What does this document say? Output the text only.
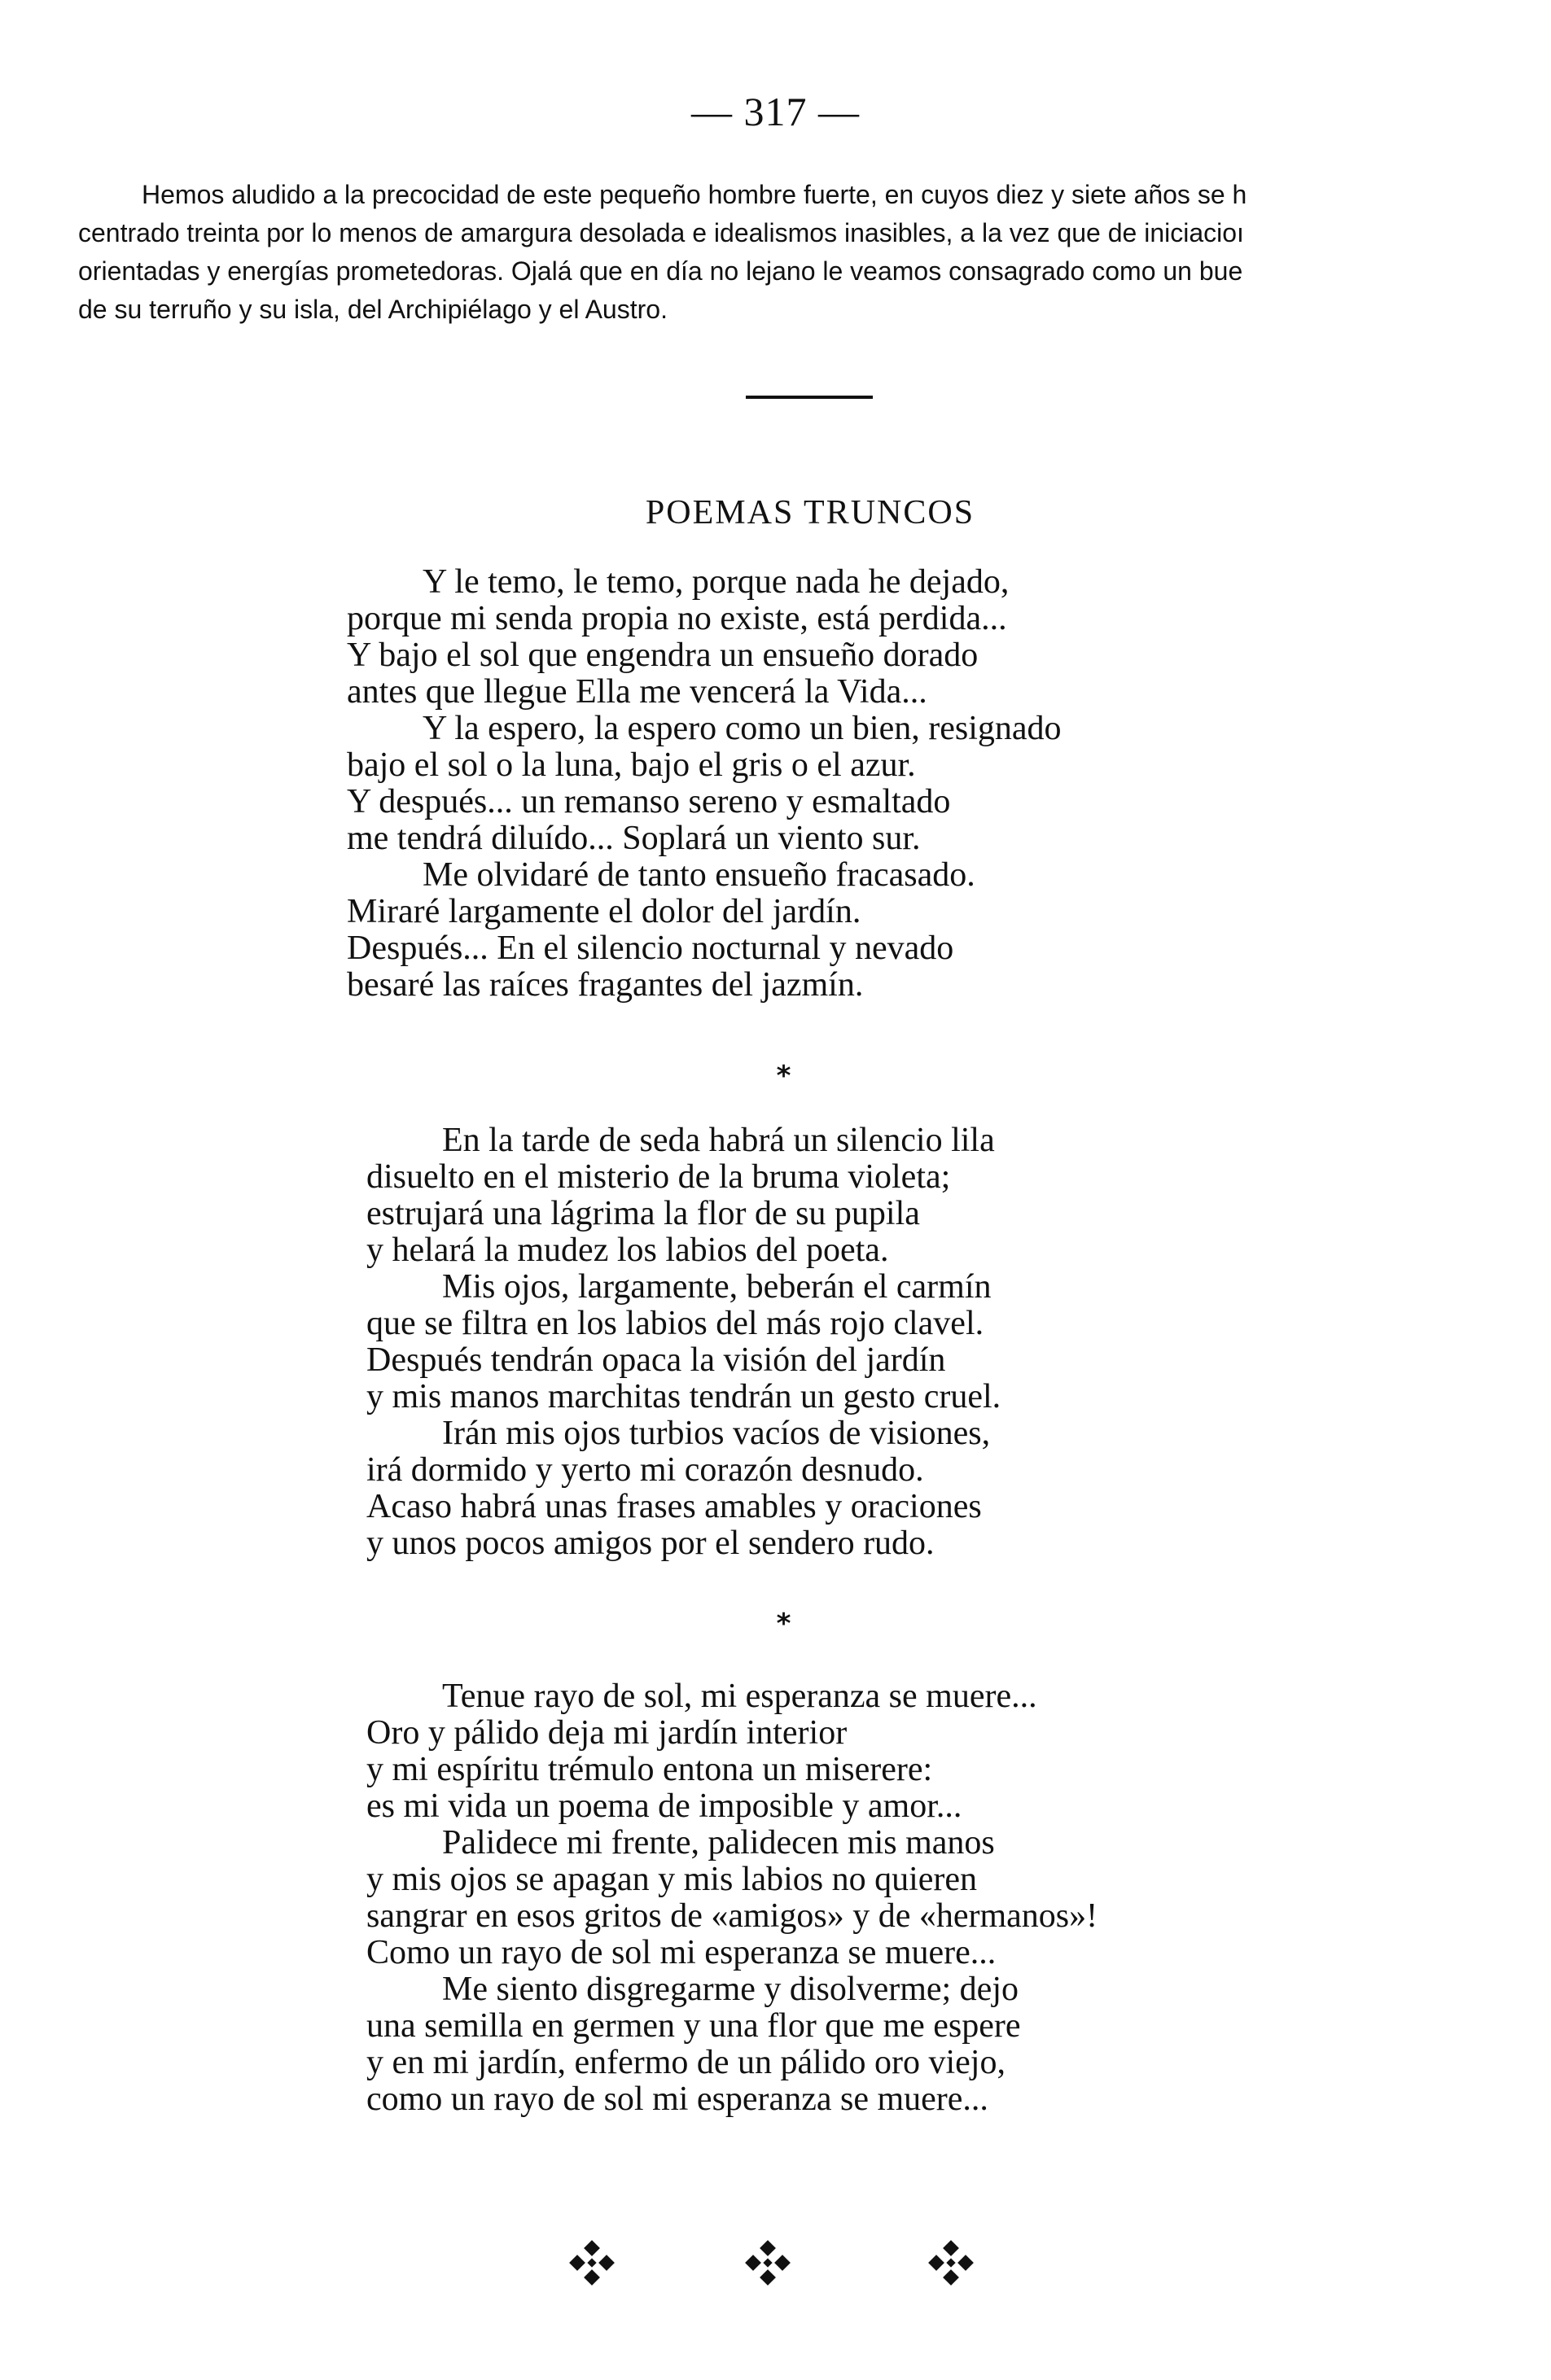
— 317 —
Hemos aludido a la precocidad de este pequeño hombre fuerte, en cuyos diez y siete años se h
centrado treinta por lo menos de amargura desolada e idealismos inasibles, a la vez que de iniciacioı
orientadas y energías prometedoras. Ojalá que en día no lejano le veamos consagrado como un bue
de su terruño y su isla, del Archipiélago y el Austro.
POEMAS TRUNCOS
Y le temo, le temo, porque nada he dejado,
porque mi senda propia no existe, está perdida...
Y bajo el sol que engendra un ensueño dorado
antes que llegue Ella me vencerá la Vida...
Y la espero, la espero como un bien, resignado
bajo el sol o la luna, bajo el gris o el azur.
Y después... un remanso sereno y esmaltado
me tendrá diluído... Soplará un viento sur.
Me olvidaré de tanto ensueño fracasado.
Miraré largamente el dolor del jardín.
Después... En el silencio nocturnal y nevado
besaré las raíces fragantes del jazmín.
*
En la tarde de seda habrá un silencio lila
disuelto en el misterio de la bruma violeta;
estrujará una lágrima la flor de su pupila
y helará la mudez los labios del poeta.
Mis ojos, largamente, beberán el carmín
que se filtra en los labios del más rojo clavel.
Después tendrán opaca la visión del jardín
y mis manos marchitas tendrán un gesto cruel.
Irán mis ojos turbios vacíos de visiones,
irá dormido y yerto mi corazón desnudo.
Acaso habrá unas frases amables y oraciones
y unos pocos amigos por el sendero rudo.
*
Tenue rayo de sol, mi esperanza se muere...
Oro y pálido deja mi jardín interior
y mi espíritu trémulo entona un miserere:
es mi vida un poema de imposible y amor...
Palidece mi frente, palidecen mis manos
y mis ojos se apagan y mis labios no quieren
sangrar en esos gritos de «amigos» y de «hermanos»!
Como un rayo de sol mi esperanza se muere...
Me siento disgregarme y disolverme; dejo
una semilla en germen y una flor que me espere
y en mi jardín, enfermo de un pálido oro viejo,
como un rayo de sol mi esperanza se muere...
